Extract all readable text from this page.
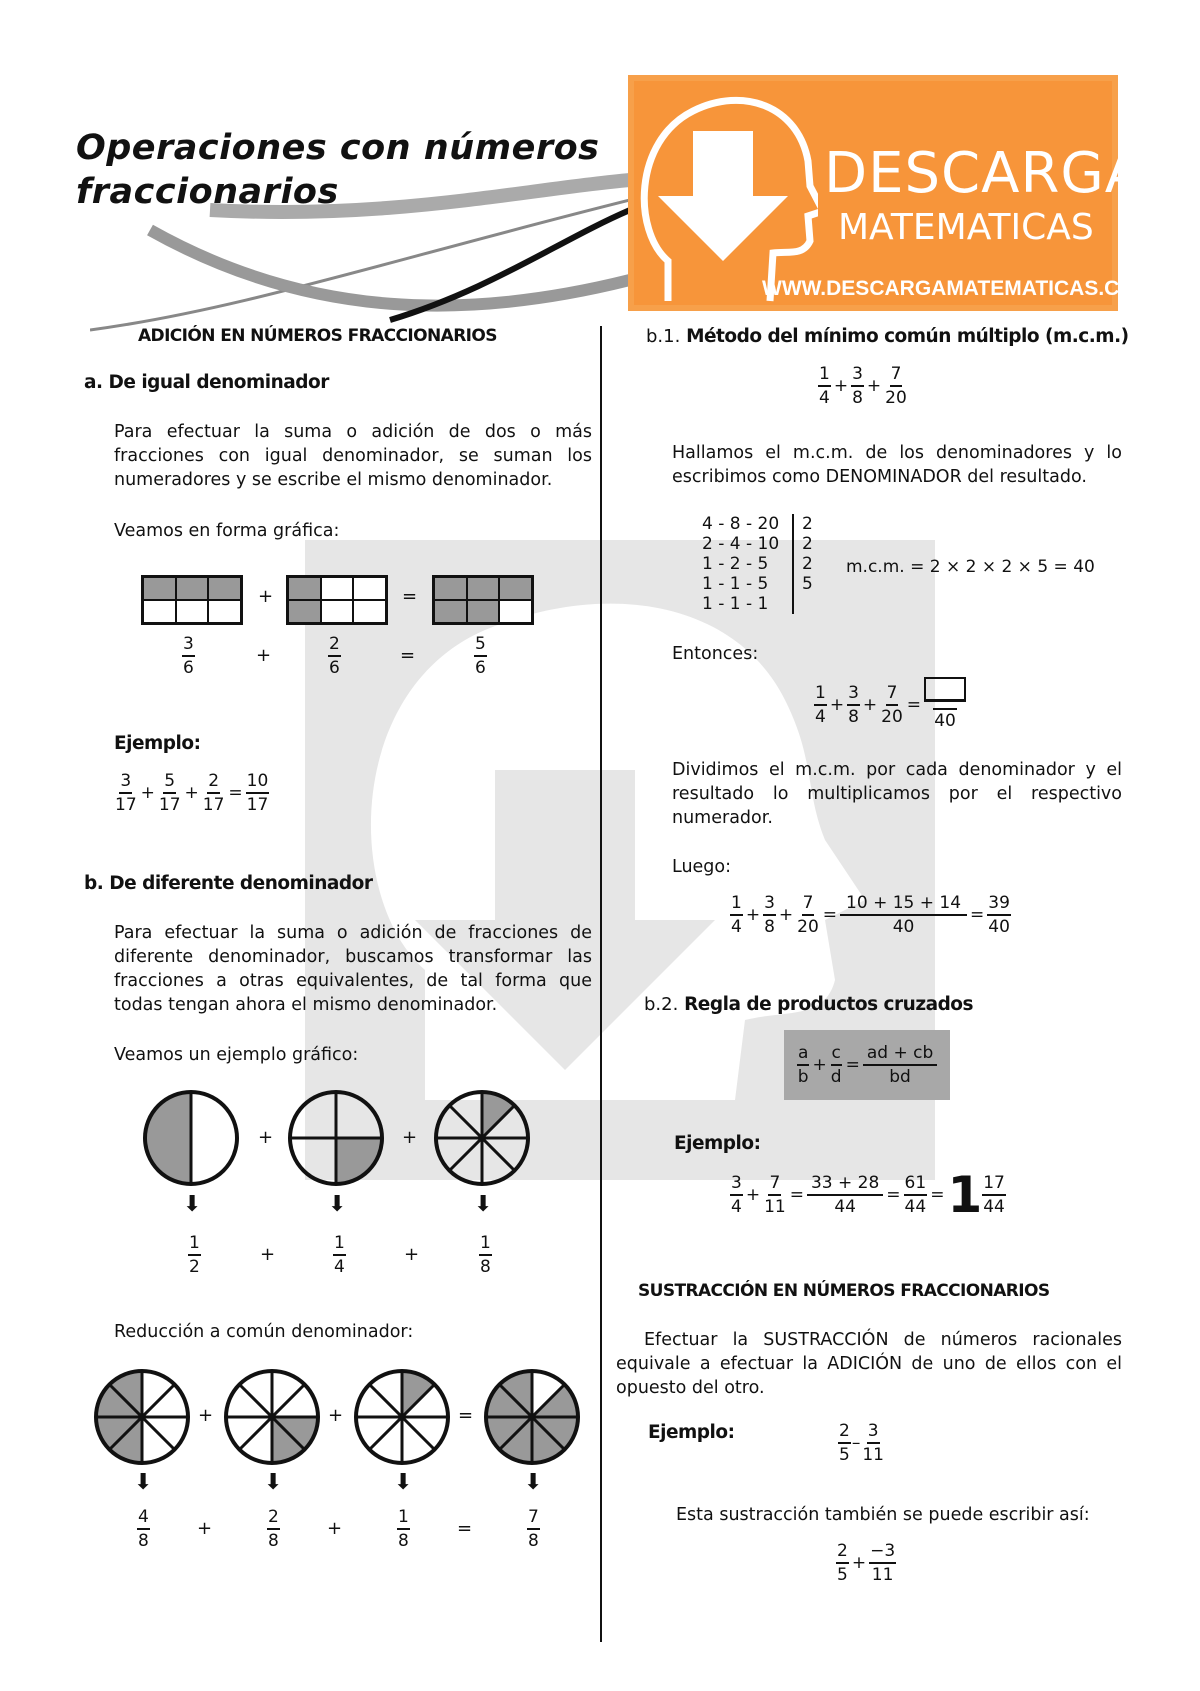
Operaciones con números
fraccionarios	DESCARGA
MATEMATICAS
WWW.DESCARGAMATEMATICAS.COM
ADICIÓN EN NÚMEROS FRACCIONARIOS
a. De igual denominador
Para efectuar la suma o adición de dos o más fracciones con igual denominador, se suman los numeradores y se escribe el mismo denominador.
Veamos en forma gráfica:
+	=
$\frac{3}{6}$	+	$\frac{2}{6}$	=	$\frac{5}{6}$
Ejemplo:
$\frac{3}{17} + \frac{5}{17} + \frac{2}{17} = \frac{10}{17}$
b. De diferente denominador
Para efectuar la suma o adición de fracciones de diferente denominador, buscamos transformar las fracciones a otras equivalentes, de tal forma que todas tengan ahora el mismo denominador.
Veamos un ejemplo gráfico:
+	+
⬇	⬇	⬇
$\frac{1}{2}$	+	$\frac{1}{4}$	+	$\frac{1}{8}$
Reducción a común denominador:
+	+	=
⬇	⬇	⬇	⬇
$\frac{4}{8}$	+	$\frac{2}{8}$	+	$\frac{1}{8}$	=	$\frac{7}{8}$
b.1. Método del mínimo común múltiplo (m.c.m.)
$\frac{1}{4} + \frac{3}{8} + \frac{7}{20}$
Hallamos el m.c.m. de los denominadores y lo
escribimos como DENOMINADOR del resultado.
4 - 8 - 20	2
2 - 4 - 10	2
1 - 2 - 5	2
1 - 1 - 5	5
1 - 1 - 1
m.c.m. = 2 × 2 × 2 × 5 = 40
Entonces:
$\frac{1}{4} + \frac{3}{8} + \frac{7}{20}$ =
40
Dividimos el m.c.m. por cada denominador y el resultado lo multiplicamos por el respectivo numerador.
Luego:
$\frac{1}{4} + \frac{3}{8} + \frac{7}{20} = \frac{10 + 15 + 14}{40} = \frac{39}{40}$
b.2. Regla de productos cruzados
$\frac{a}{b} + \frac{c}{d} = \frac{ad + cb}{bd}$
Ejemplo:
$\frac{3}{4} + \frac{7}{11} = \frac{33 + 28}{44} = \frac{61}{44} = 1 \frac{17}{44}$
SUSTRACCIÓN EN NÚMEROS FRACCIONARIOS
Efectuar la SUSTRACCIÓN de números racionales equivale a efectuar la ADICIÓN de uno de ellos con el opuesto del otro.
Ejemplo:	$\frac{2}{5} - \frac{3}{11}$
Esta sustracción también se puede escribir así:
$\frac{2}{5} + \frac{-3}{11}$
